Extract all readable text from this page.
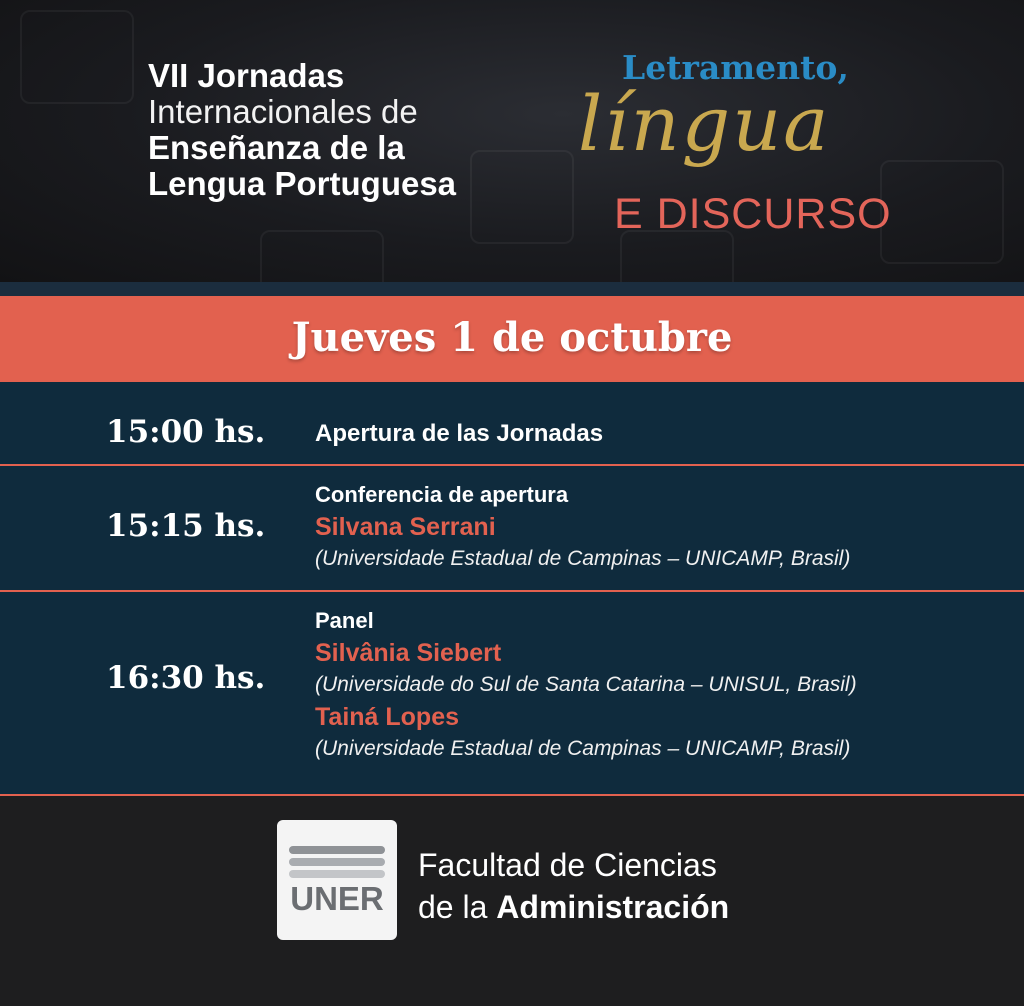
VII Jornadas
Internacionales de
Enseñanza de la
Lengua Portuguesa
Letramento,
língua
E DISCURSO
Jueves 1 de octubre
15:00 hs. Apertura de las Jornadas
15:15 hs.
Conferencia de apertura
Silvana Serrani
(Universidade Estadual de Campinas – UNICAMP, Brasil)
16:30 hs.
Panel
Silvânia Siebert
(Universidade do Sul de Santa Catarina – UNISUL, Brasil)
Tainá Lopes
(Universidade Estadual de Campinas – UNICAMP, Brasil)
UNER
Facultad de Ciencias
de la Administración
